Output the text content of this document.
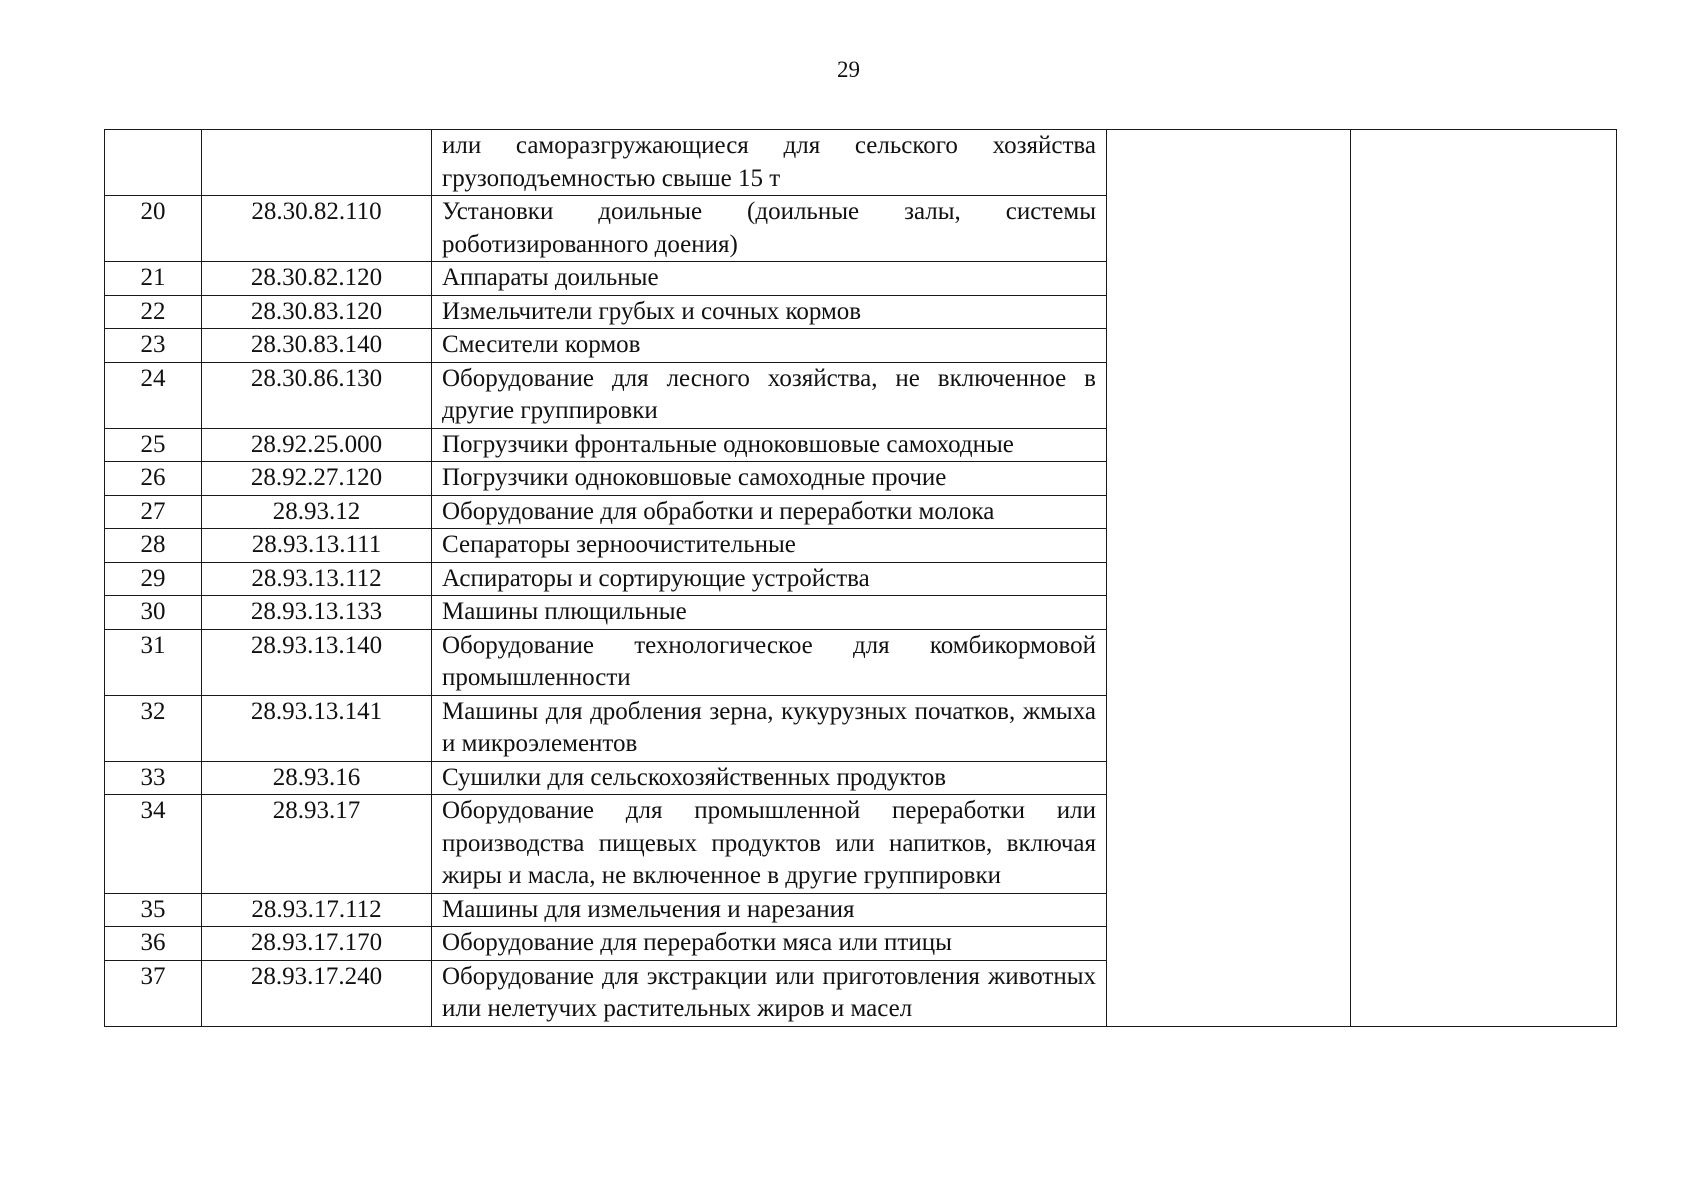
29
		или саморазгружающиеся для сельского хозяйства грузоподъемностью свыше 15 т		
20	28.30.82.110	Установки доильные (доильные залы, системы роботизированного доения)		
21	28.30.82.120	Аппараты доильные		
22	28.30.83.120	Измельчители грубых и сочных кормов		
23	28.30.83.140	Смесители кормов		
24	28.30.86.130	Оборудование для лесного хозяйства, не включенное в другие группировки		
25	28.92.25.000	Погрузчики фронтальные одноковшовые самоходные		
26	28.92.27.120	Погрузчики одноковшовые самоходные прочие		
27	28.93.12	Оборудование для обработки и переработки молока		
28	28.93.13.111	Сепараторы зерноочистительные		
29	28.93.13.112	Аспираторы и сортирующие устройства		
30	28.93.13.133	Машины плющильные		
31	28.93.13.140	Оборудование технологическое для комбикормовой промышленности		
32	28.93.13.141	Машины для дробления зерна, кукурузных початков, жмыха и микроэлементов		
33	28.93.16	Сушилки для сельскохозяйственных продуктов		
34	28.93.17	Оборудование для промышленной переработки или производства пищевых продуктов или напитков, включая жиры и масла, не включенное в другие группировки		
35	28.93.17.112	Машины для измельчения и нарезания		
36	28.93.17.170	Оборудование для переработки мяса или птицы		
37	28.93.17.240	Оборудование для экстракции или приготовления животных или нелетучих растительных жиров и масел		
